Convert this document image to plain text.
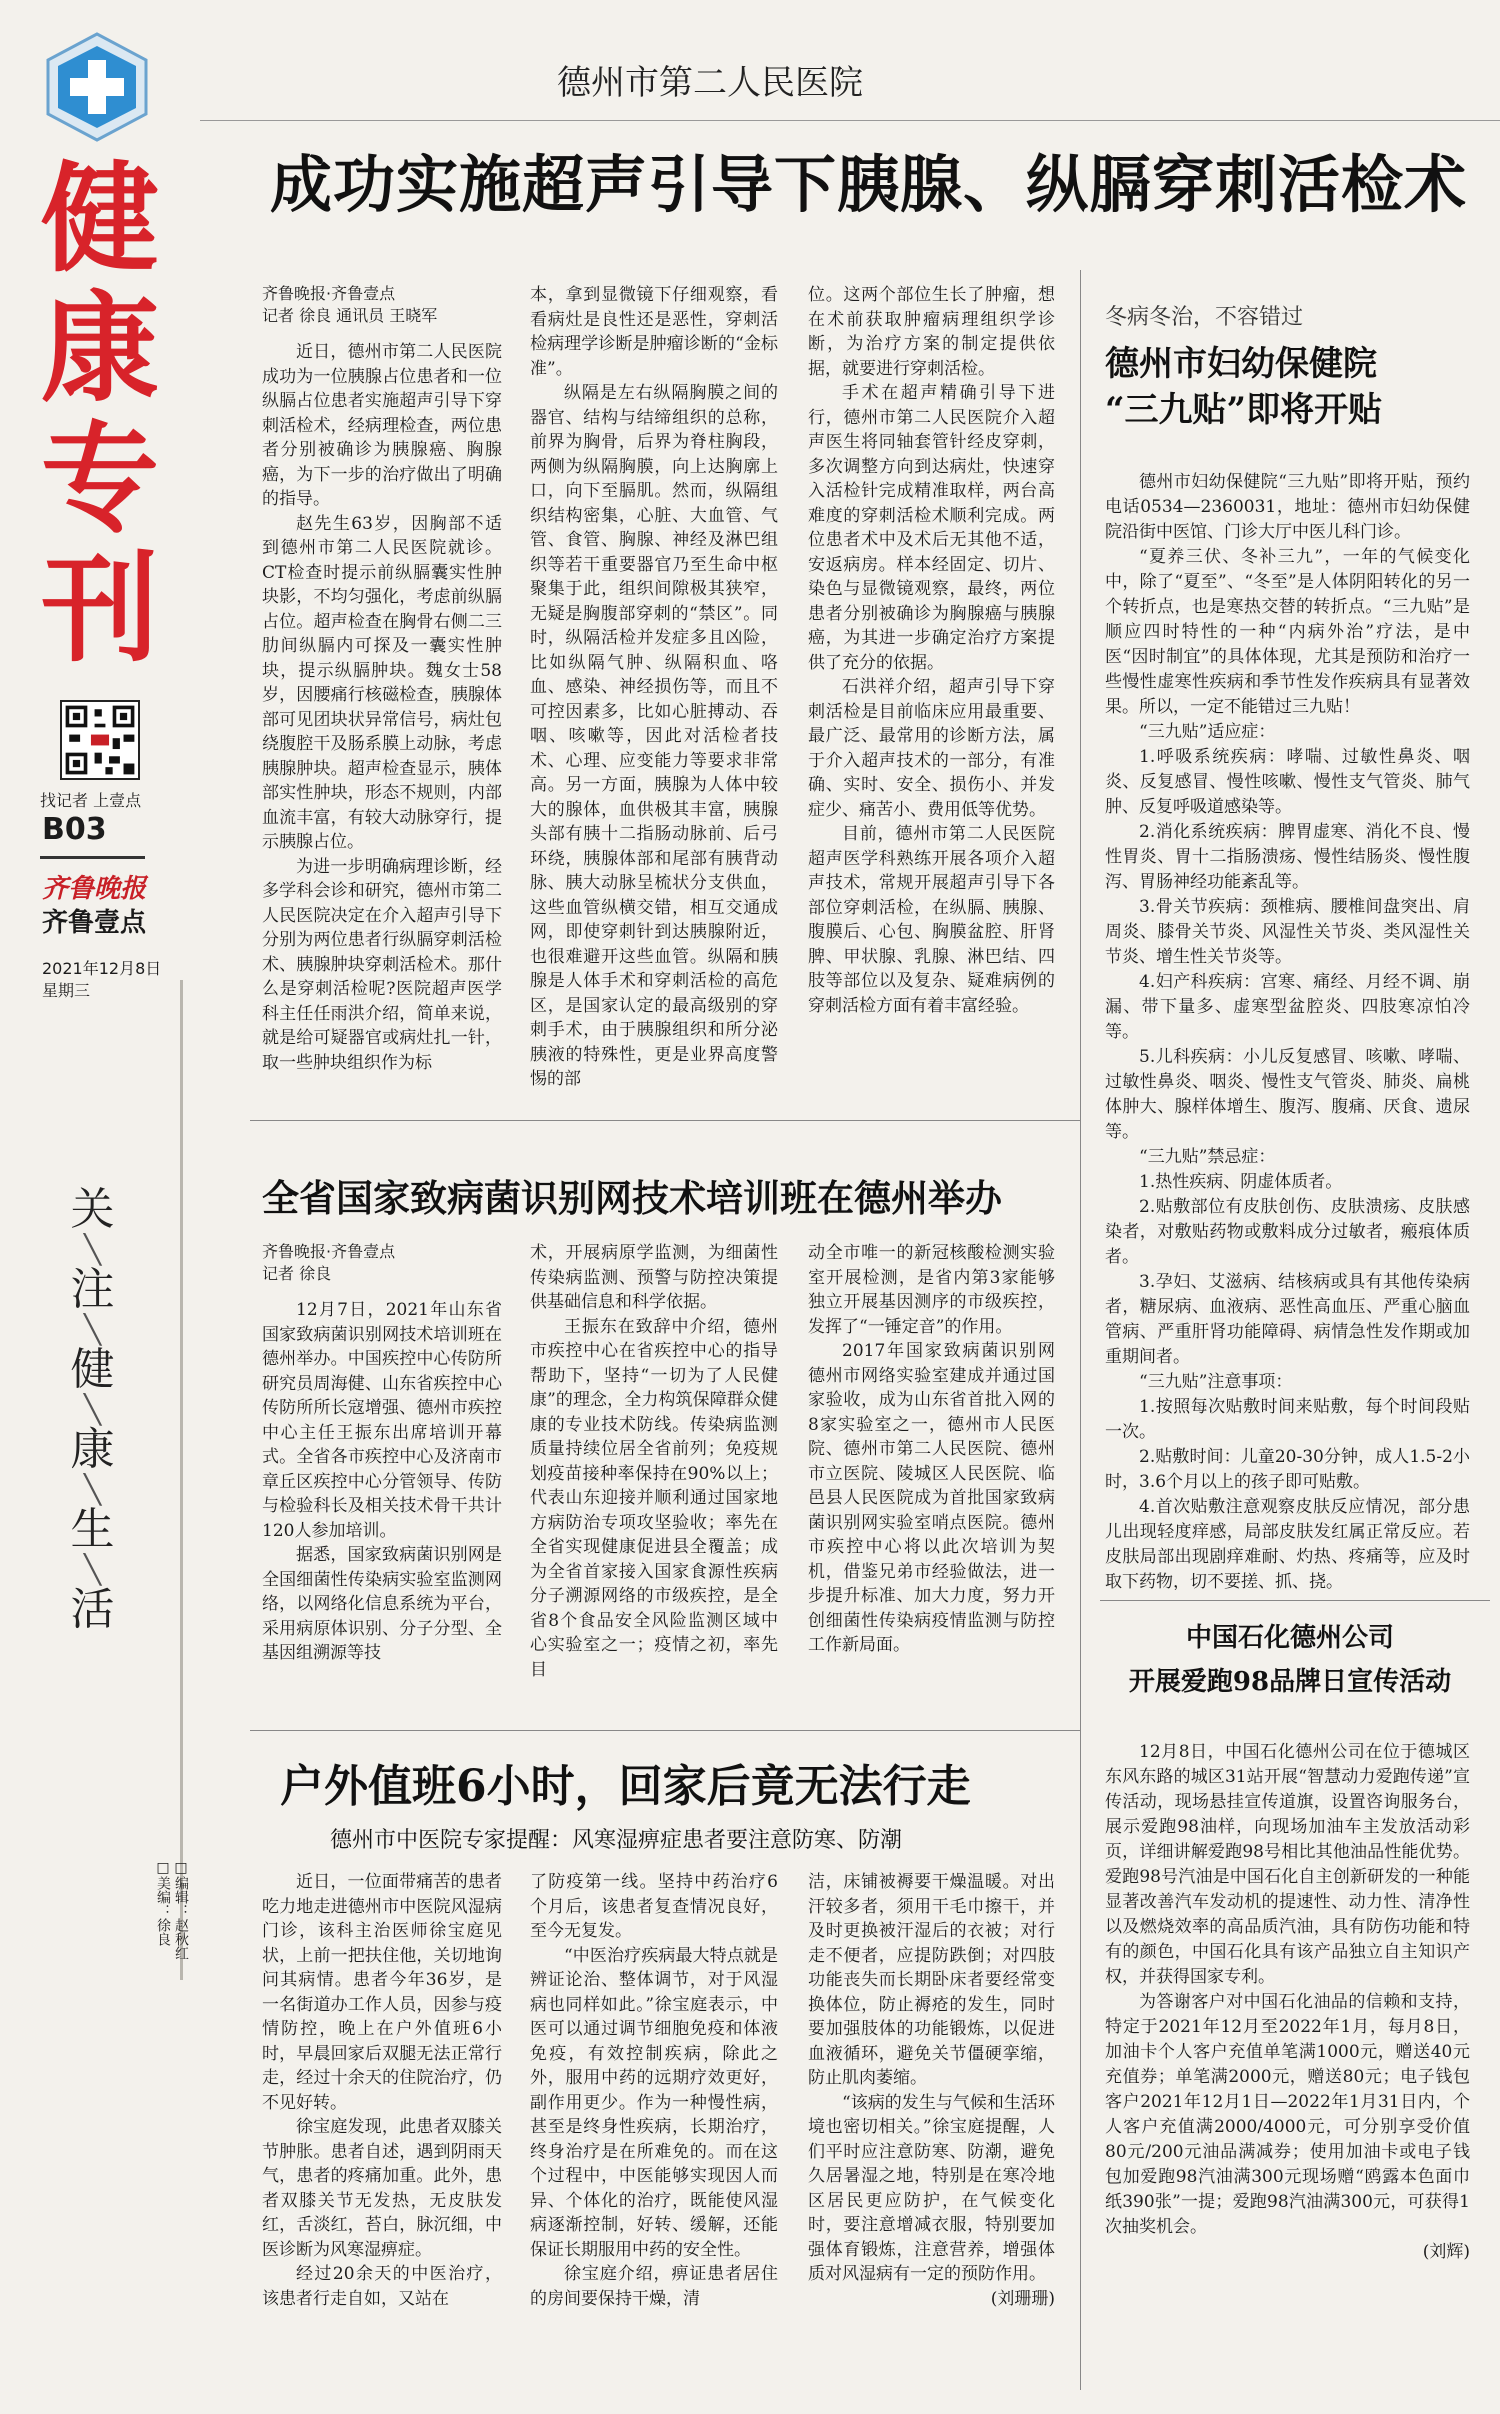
健
康
专
刊
找记者 上壹点
B03
齐鲁晚报
齐鲁壹点
2021年12月8日
星期三
关
╲
注
╲
健
╲
康
╲
生
╲
活
□编辑：赵秋红
□美编：徐良
德州市第二人民医院
成功实施超声引导下胰腺、纵膈穿刺活检术
齐鲁晚报·齐鲁壹点
记者 徐良 通讯员 王晓军

近日，德州市第二人民医院成功为一位胰腺占位患者和一位纵膈占位患者实施超声引导下穿刺活检术，经病理检查，两位患者分别被确诊为胰腺癌、胸腺癌，为下一步的治疗做出了明确的指导。

赵先生63岁，因胸部不适到德州市第二人民医院就诊。CT检查时提示前纵膈囊实性肿块影，不均匀强化，考虑前纵膈占位。超声检查在胸骨右侧二三肋间纵膈内可探及一囊实性肿块，提示纵膈肿块。魏女士58岁，因腰痛行核磁检查，胰腺体部可见团块状异常信号，病灶包绕腹腔干及肠系膜上动脉，考虑胰腺肿块。超声检查显示，胰体部实性肿块，形态不规则，内部血流丰富，有较大动脉穿行，提示胰腺占位。

为进一步明确病理诊断，经多学科会诊和研究，德州市第二人民医院决定在介入超声引导下分别为两位患者行纵膈穿刺活检术、胰腺肿块穿刺活检术。那什么是穿刺活检呢?医院超声医学科主任任雨洪介绍，简单来说，就是给可疑器官或病灶扎一针，取一些肿块组织作为标

本，拿到显微镜下仔细观察，看看病灶是良性还是恶性，穿刺活检病理学诊断是肿瘤诊断的“金标准”。

纵隔是左右纵隔胸膜之间的器官、结构与结缔组织的总称，前界为胸骨，后界为脊柱胸段，两侧为纵隔胸膜，向上达胸廓上口，向下至膈肌。然而，纵隔组织结构密集，心脏、大血管、气管、食管、胸腺、神经及淋巴组织等若干重要器官乃至生命中枢聚集于此，组织间隙极其狭窄，无疑是胸腹部穿刺的“禁区”。同时，纵隔活检并发症多且凶险，比如纵隔气肿、纵隔积血、咯血、感染、神经损伤等，而且不可控因素多，比如心脏搏动、吞咽、咳嗽等，因此对活检者技术、心理、应变能力等要求非常高。另一方面，胰腺为人体中较大的腺体，血供极其丰富，胰腺头部有胰十二指肠动脉前、后弓环绕，胰腺体部和尾部有胰背动脉、胰大动脉呈梳状分支供血，这些血管纵横交错，相互交通成网，即使穿刺针到达胰腺附近，也很难避开这些血管。纵隔和胰腺是人体手术和穿刺活检的高危区，是国家认定的最高级别的穿刺手术，由于胰腺组织和所分泌胰液的特殊性，更是业界高度警惕的部

位。这两个部位生长了肿瘤，想在术前获取肿瘤病理组织学诊断，为治疗方案的制定提供依据，就要进行穿刺活检。

手术在超声精确引导下进行，德州市第二人民医院介入超声医生将同轴套管针经皮穿刺，多次调整方向到达病灶，快速穿入活检针完成精准取样，两台高难度的穿刺活检术顺利完成。两位患者术中及术后无其他不适，安返病房。样本经固定、切片、染色与显微镜观察，最终，两位患者分别被确诊为胸腺癌与胰腺癌，为其进一步确定治疗方案提供了充分的依据。

石洪祥介绍，超声引导下穿刺活检是目前临床应用最重要、最广泛、最常用的诊断方法，属于介入超声技术的一部分，有准确、实时、安全、损伤小、并发症少、痛苦小、费用低等优势。

目前，德州市第二人民医院超声医学科熟练开展各项介入超声技术，常规开展超声引导下各部位穿刺活检，在纵膈、胰腺、腹膜后、心包、胸膜盆腔、肝肾脾、甲状腺、乳腺、淋巴结、四肢等部位以及复杂、疑难病例的穿刺活检方面有着丰富经验。

全省国家致病菌识别网技术培训班在德州举办
齐鲁晚报·齐鲁壹点
记者 徐良

12月7日，2021年山东省国家致病菌识别网技术培训班在德州举办。中国疾控中心传防所研究员周海健、山东省疾控中心传防所所长寇增强、德州市疾控中心主任王振东出席培训开幕式。全省各市疾控中心及济南市章丘区疾控中心分管领导、传防与检验科长及相关技术骨干共计120人参加培训。

据悉，国家致病菌识别网是全国细菌性传染病实验室监测网络，以网络化信息系统为平台，采用病原体识别、分子分型、全基因组溯源等技

术，开展病原学监测，为细菌性传染病监测、预警与防控决策提供基础信息和科学依据。

王振东在致辞中介绍，德州市疾控中心在省疾控中心的指导帮助下，坚持“一切为了人民健康”的理念，全力构筑保障群众健康的专业技术防线。传染病监测质量持续位居全省前列；免疫规划疫苗接种率保持在90%以上；代表山东迎接并顺利通过国家地方病防治专项攻坚验收；率先在全省实现健康促进县全覆盖；成为全省首家接入国家食源性疾病分子溯源网络的市级疾控，是全省8个食品安全风险监测区域中心实验室之一；疫情之初，率先目

动全市唯一的新冠核酸检测实验室开展检测，是省内第3家能够独立开展基因测序的市级疾控，发挥了“一锤定音”的作用。

2017年国家致病菌识别网德州市网络实验室建成并通过国家验收，成为山东省首批入网的8家实验室之一，德州市人民医院、德州市第二人民医院、德州市立医院、陵城区人民医院、临邑县人民医院成为首批国家致病菌识别网实验室哨点医院。德州市疾控中心将以此次培训为契机，借鉴兄弟市经验做法，进一步提升标准、加大力度，努力开创细菌性传染病疫情监测与防控工作新局面。

户外值班6小时，回家后竟无法行走
德州市中医院专家提醒：风寒湿痹症患者要注意防寒、防潮

近日，一位面带痛苦的患者吃力地走进德州市中医院风湿病门诊，该科主治医师徐宝庭见状，上前一把扶住他，关切地询问其病情。患者今年36岁，是一名街道办工作人员，因参与疫情防控，晚上在户外值班6小时，早晨回家后双腿无法正常行走，经过十余天的住院治疗，仍不见好转。

徐宝庭发现，此患者双膝关节肿胀。患者自述，遇到阴雨天气，患者的疼痛加重。此外，患者双膝关节无发热，无皮肤发红，舌淡红，苔白，脉沉细，中医诊断为风寒湿痹症。

经过20余天的中医治疗，该患者行走自如，又站在

了防疫第一线。坚持中药治疗6个月后，该患者复查情况良好，至今无复发。

“中医治疗疾病最大特点就是辨证论治、整体调节，对于风湿病也同样如此。”徐宝庭表示，中医可以通过调节细胞免疫和体液免疫，有效控制疾病，除此之外，服用中药的远期疗效更好，副作用更少。作为一种慢性病，甚至是终身性疾病，长期治疗，终身治疗是在所难免的。而在这个过程中，中医能够实现因人而异、个体化的治疗，既能使风湿病逐渐控制，好转、缓解，还能保证长期服用中药的安全性。

徐宝庭介绍，痹证患者居住的房间要保持干燥，清

洁，床铺被褥要干燥温暖。对出汗较多者，须用干毛巾擦干，并及时更换被汗湿后的衣被；对行走不便者，应提防跌倒；对四肢功能丧失而长期卧床者要经常变换体位，防止褥疮的发生，同时要加强肢体的功能锻炼，以促进血液循环，避免关节僵硬挛缩，防止肌肉萎缩。

“该病的发生与气候和生活环境也密切相关。”徐宝庭提醒，人们平时应注意防寒、防潮，避免久居暑湿之地，特别是在寒冷地区居民更应防护，在气候变化时，要注意增减衣服，特别要加强体育锻炼，注意营养，增强体质对风湿病有一定的预防作用。

(刘珊珊)

冬病冬治，不容错过
德州市妇幼保健院
“三九贴”即将开贴

德州市妇幼保健院“三九贴”即将开贴，预约电话0534—2360031，地址：德州市妇幼保健院沿街中医馆、门诊大厅中医儿科门诊。

“夏养三伏、冬补三九”，一年的气候变化中，除了“夏至”、“冬至”是人体阴阳转化的另一个转折点，也是寒热交替的转折点。“三九贴”是顺应四时特性的一种“内病外治”疗法，是中医“因时制宜”的具体体现，尤其是预防和治疗一些慢性虚寒性疾病和季节性发作疾病具有显著效果。所以，一定不能错过三九贴！

“三九贴”适应症：

1.呼吸系统疾病：哮喘、过敏性鼻炎、咽炎、反复感冒、慢性咳嗽、慢性支气管炎、肺气肿、反复呼吸道感染等。

2.消化系统疾病：脾胃虚寒、消化不良、慢性胃炎、胃十二指肠溃疡、慢性结肠炎、慢性腹泻、胃肠神经功能紊乱等。

3.骨关节疾病：颈椎病、腰椎间盘突出、肩周炎、膝骨关节炎、风湿性关节炎、类风湿性关节炎、增生性关节炎等。

4.妇产科疾病：宫寒、痛经、月经不调、崩漏、带下量多、虚寒型盆腔炎、四肢寒凉怕冷等。

5.儿科疾病：小儿反复感冒、咳嗽、哮喘、过敏性鼻炎、咽炎、慢性支气管炎、肺炎、扁桃体肿大、腺样体增生、腹泻、腹痛、厌食、遗尿等。

“三九贴”禁忌症：

1.热性疾病、阴虚体质者。

2.贴敷部位有皮肤创伤、皮肤溃疡、皮肤感染者，对敷贴药物或敷料成分过敏者，瘢痕体质者。

3.孕妇、艾滋病、结核病或具有其他传染病者，糖尿病、血液病、恶性高血压、严重心脑血管病、严重肝肾功能障碍、病情急性发作期或加重期间者。

“三九贴”注意事项：

1.按照每次贴敷时间来贴敷，每个时间段贴一次。

2.贴敷时间：儿童20-30分钟，成人1.5-2小时，3.6个月以上的孩子即可贴敷。

4.首次贴敷注意观察皮肤反应情况，部分患儿出现轻度痒感，局部皮肤发红属正常反应。若皮肤局部出现剧痒难耐、灼热、疼痛等，应及时取下药物，切不要搓、抓、挠。

中国石化德州公司
开展爱跑98品牌日宣传活动

12月8日，中国石化德州公司在位于德城区东风东路的城区31站开展“智慧动力爱跑传递”宣传活动，现场悬挂宣传道旗，设置咨询服务台，展示爱跑98油样，向现场加油车主发放活动彩页，详细讲解爱跑98号相比其他油品性能优势。爱跑98号汽油是中国石化自主创新研发的一种能显著改善汽车发动机的提速性、动力性、清净性以及燃烧效率的高品质汽油，具有防伤功能和特有的颜色，中国石化具有该产品独立自主知识产权，并获得国家专利。

为答谢客户对中国石化油品的信赖和支持，特定于2021年12月至2022年1月，每月8日，加油卡个人客户充值单笔满1000元，赠送40元充值券；单笔满2000元，赠送80元；电子钱包客户2021年12月1日—2022年1月31日内，个人客户充值满2000/4000元，可分别享受价值80元/200元油品满减券；使用加油卡或电子钱包加爱跑98汽油满300元现场赠“鸥露本色面巾纸390张”一提；爱跑98汽油满300元，可获得1次抽奖机会。

(刘辉)
